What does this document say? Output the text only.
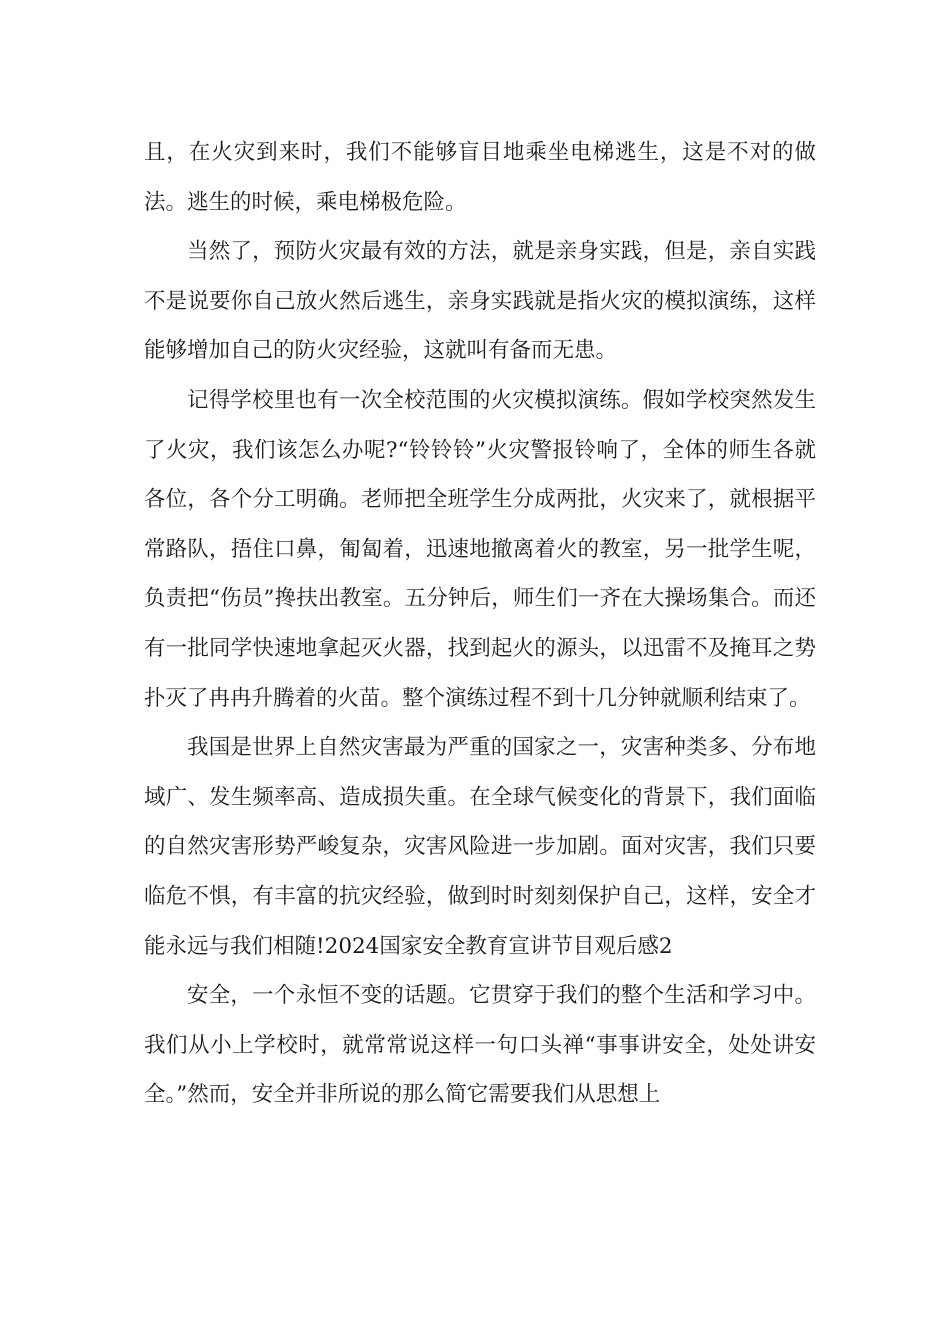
且，在火灾到来时，我们不能够盲目地乘坐电梯逃生，这是不对的做法。逃生的时候，乘电梯极危险。

当然了，预防火灾最有效的方法，就是亲身实践，但是，亲自实践不是说要你自己放火然后逃生，亲身实践就是指火灾的模拟演练，这样能够增加自己的防火灾经验，这就叫有备而无患。

记得学校里也有一次全校范围的火灾模拟演练。假如学校突然发生了火灾，我们该怎么办呢?“铃铃铃”火灾警报铃响了，全体的师生各就各位，各个分工明确。老师把全班学生分成两批，火灾来了，就根据平常路队，捂住口鼻，匍匐着，迅速地撤离着火的教室，另一批学生呢，负责把“伤员”搀扶出教室。五分钟后，师生们一齐在大操场集合。而还有一批同学快速地拿起灭火器，找到起火的源头，以迅雷不及掩耳之势扑灭了冉冉升腾着的火苗。整个演练过程不到十几分钟就顺利结束了。

我国是世界上自然灾害最为严重的国家之一，灾害种类多、分布地域广、发生频率高、造成损失重。在全球气候变化的背景下，我们面临的自然灾害形势严峻复杂，灾害风险进一步加剧。面对灾害，我们只要临危不惧，有丰富的抗灾经验，做到时时刻刻保护自己，这样，安全才能永远与我们相随!2024国家安全教育宣讲节目观后感2

安全，一个永恒不变的话题。它贯穿于我们的整个生活和学习中。我们从小上学校时，就常常说这样一句口头禅“事事讲安全，处处讲安全。”然而，安全并非所说的那么简它需要我们从思想上
